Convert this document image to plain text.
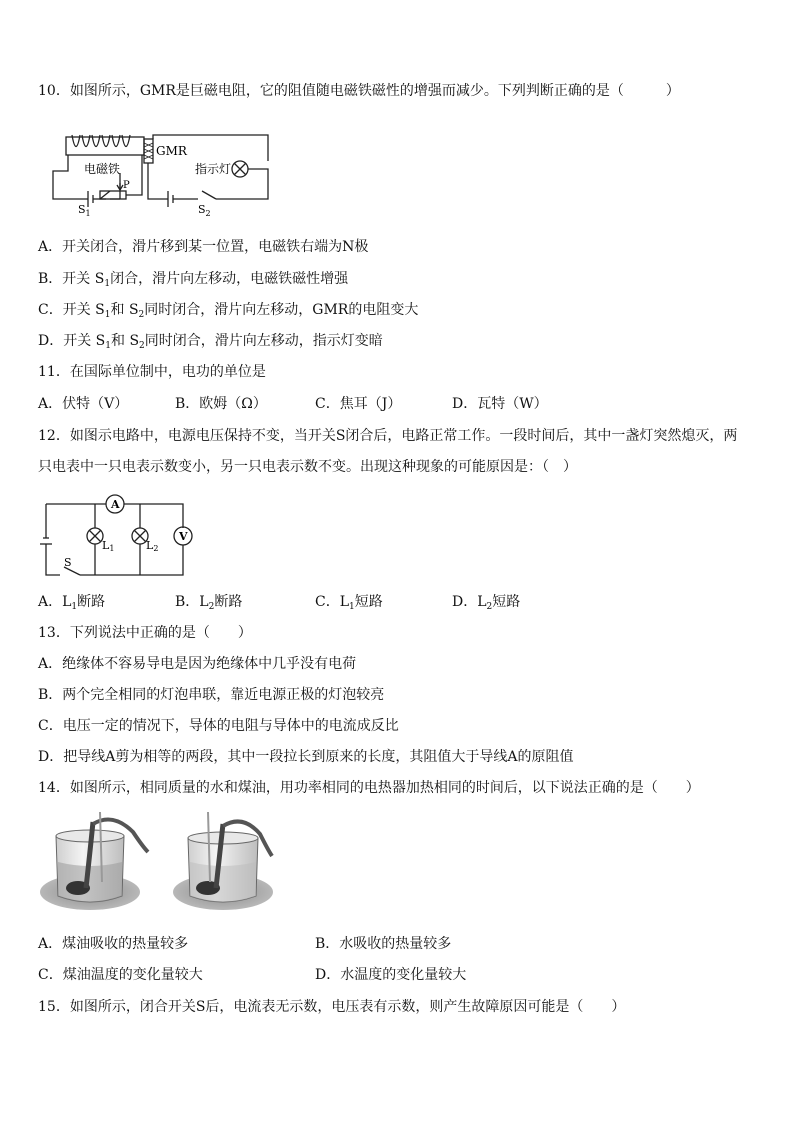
10．如图所示，GMR是巨磁电阻，它的阻值随电磁铁磁性的增强而减少。下列判断正确的是（　　　）
GMR
指示灯
电磁铁
P
$S_1$	$S_2$
A．开关闭合，滑片移到某一位置，电磁铁右端为N极
B．开关 $S_1$闭合，滑片向左移动，电磁铁磁性增强
C．开关 $S_1$和 $S_2$同时闭合，滑片向左移动，GMR的电阻变大
D．开关 $S_1$和 $S_2$同时闭合，滑片向左移动，指示灯变暗
11．在国际单位制中，电功的单位是
A．伏特（V）	B．欧姆（Ω）	C．焦耳（J）	D．瓦特（W）
12．如图示电路中，电源电压保持不变，当开关S闭合后，电路正常工作。一段时间后，其中一盏灯突然熄灭，两
只电表中一只电表示数变小，另一只电表示数不变。出现这种现象的可能原因是：（　）
A
V
L1	L2
S
A．$L_1$断路	B．$L_2$断路	C．$L_1$短路	D．$L_2$短路
13．下列说法中正确的是（　　）
A．绝缘体不容易导电是因为绝缘体中几乎没有电荷
B．两个完全相同的灯泡串联，靠近电源正极的灯泡较亮
C．电压一定的情况下，导体的电阻与导体中的电流成反比
D．把导线A剪为相等的两段，其中一段拉长到原来的长度，其阻值大于导线A的原阻值
14．如图所示，相同质量的水和煤油，用功率相同的电热器加热相同的时间后，以下说法正确的是（　　）
A．煤油吸收的热量较多	B．水吸收的热量较多
C．煤油温度的变化量较大	D．水温度的变化量较大
15．如图所示，闭合开关S后，电流表无示数，电压表有示数，则产生故障原因可能是（　　）
